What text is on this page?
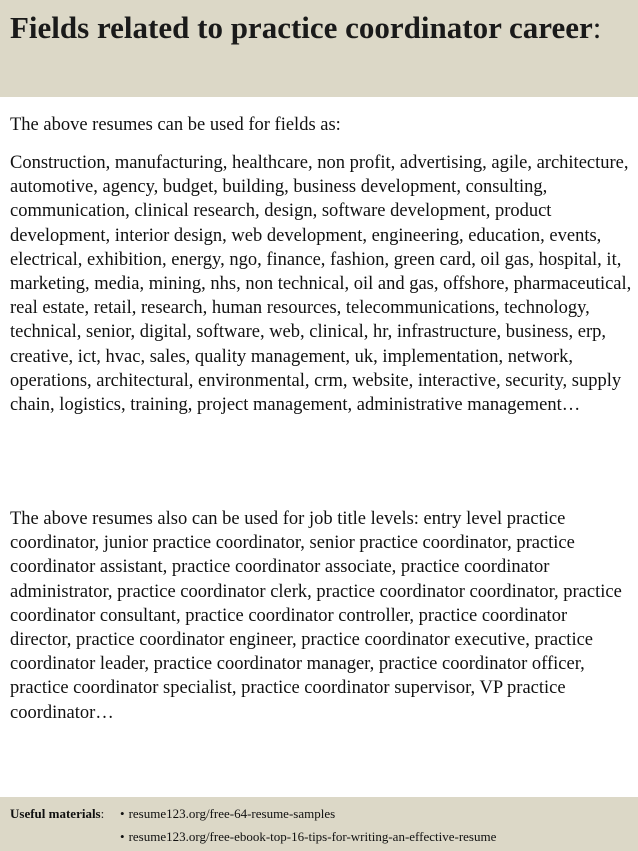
Fields related to practice coordinator career:

The above resumes can be used for fields as:

Construction, manufacturing, healthcare, non profit, advertising, agile, architecture, automotive, agency, budget, building, business development, consulting, communication, clinical research, design, software development, product development, interior design, web development, engineering, education, events, electrical, exhibition, energy, ngo, finance, fashion, green card, oil gas, hospital, it, marketing, media, mining, nhs, non technical, oil and gas, offshore, pharmaceutical, real estate, retail, research, human resources, telecommunications, technology, technical, senior, digital, software, web, clinical, hr, infrastructure, business, erp, creative, ict, hvac, sales, quality management, uk, implementation, network, operations, architectural, environmental, crm, website, interactive, security, supply chain, logistics, training, project management, administrative management…

The above resumes also can be used for job title levels: entry level practice coordinator, junior practice coordinator, senior practice coordinator, practice coordinator assistant, practice coordinator associate, practice coordinator administrator, practice coordinator clerk, practice coordinator coordinator, practice coordinator consultant, practice coordinator controller, practice coordinator director, practice coordinator engineer, practice coordinator executive, practice coordinator leader, practice coordinator manager, practice coordinator officer, practice coordinator specialist, practice coordinator supervisor, VP practice coordinator…

Useful materials: • resume123.org/free-64-resume-samples
• resume123.org/free-ebook-top-16-tips-for-writing-an-effective-resume
